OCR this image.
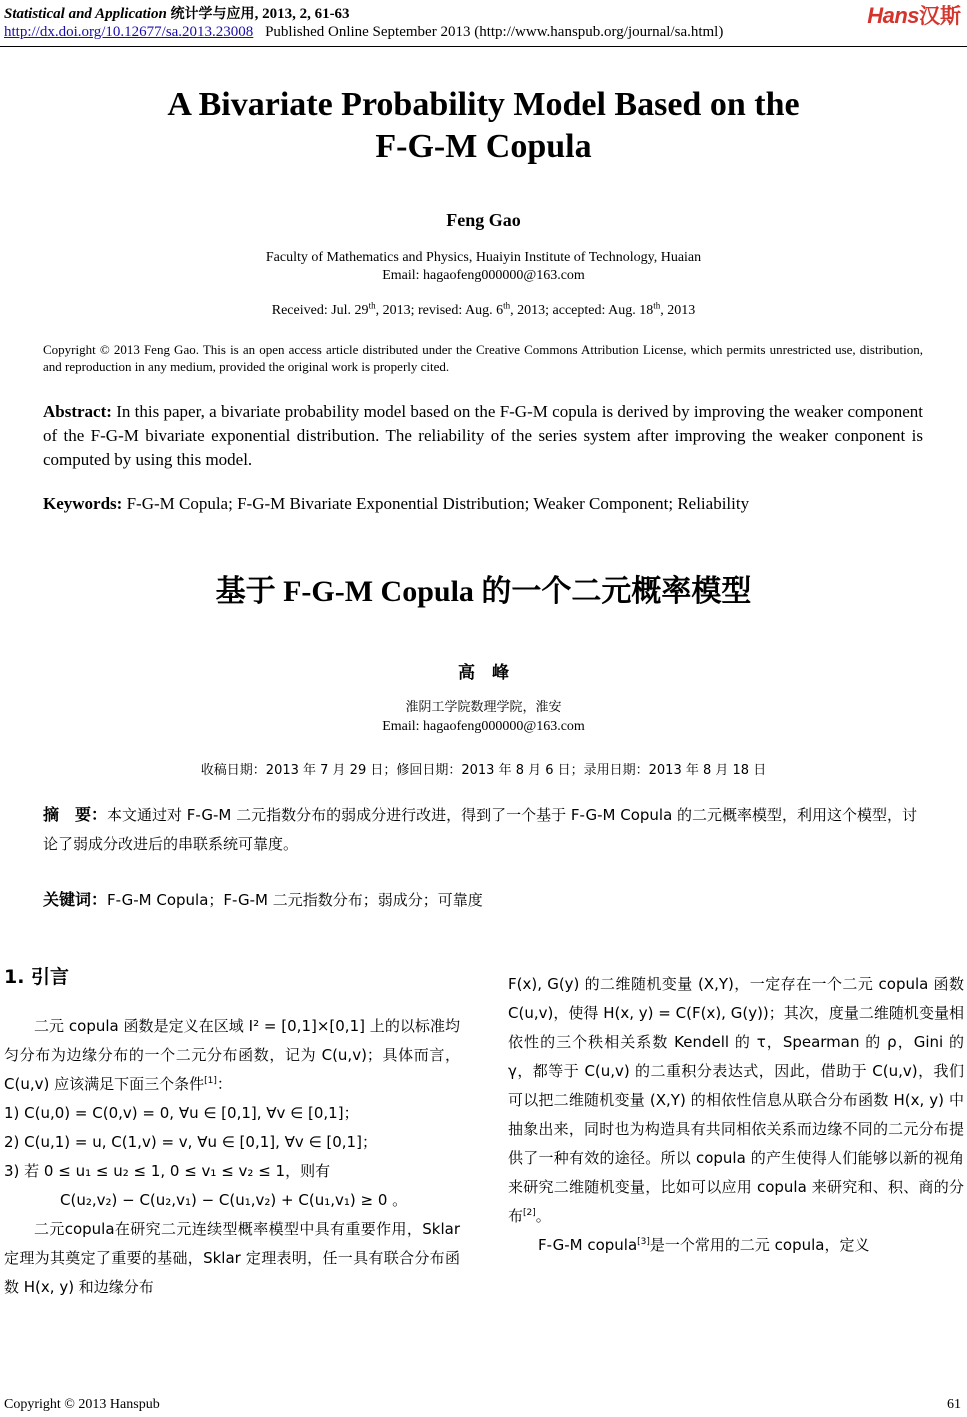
Statistical and Application 统计学与应用, 2013, 2, 61-63	Hans汉斯
http://dx.doi.org/10.12677/sa.2013.23008 Published Online September 2013 (http://www.hanspub.org/journal/sa.html)
A Bivariate Probability Model Based on the
F-G-M Copula
Feng Gao
Faculty of Mathematics and Physics, Huaiyin Institute of Technology, Huaian
Email: hagaofeng000000@163.com
Received: Jul. 29th, 2013; revised: Aug. 6th, 2013; accepted: Aug. 18th, 2013
Copyright © 2013 Feng Gao. This is an open access article distributed under the Creative Commons Attribution License, which permits unrestricted use, distribution, and reproduction in any medium, provided the original work is properly cited.
Abstract: In this paper, a bivariate probability model based on the F-G-M copula is derived by improving the weaker component of the F-G-M bivariate exponential distribution. The reliability of the series system after improving the weaker conponent is computed by using this model.
Keywords: F-G-M Copula; F-G-M Bivariate Exponential Distribution; Weaker Component; Reliability
基于 F-G-M Copula 的一个二元概率模型
高　峰
淮阴工学院数理学院，淮安
Email: hagaofeng000000@163.com
收稿日期：2013 年 7 月 29 日；修回日期：2013 年 8 月 6 日；录用日期：2013 年 8 月 18 日
摘　要：本文通过对 F-G-M 二元指数分布的弱成分进行改进，得到了一个基于 F-G-M Copula 的二元概率模型，利用这个模型，讨论了弱成分改进后的串联系统可靠度。
关键词：F-G-M Copula；F-G-M 二元指数分布；弱成分；可靠度
1. 引言

二元 copula 函数是定义在区域 I² = [0,1]×[0,1] 上的以标准均匀分布为边缘分布的一个二元分布函数，记为 C(u,v)；具体而言，C(u,v) 应该满足下面三个条件[1]：

1) C(u,0) = C(0,v) = 0, ∀u ∈ [0,1], ∀v ∈ [0,1]；

2) C(u,1) = u, C(1,v) = v, ∀u ∈ [0,1], ∀v ∈ [0,1]；

3) 若 0 ≤ u₁ ≤ u₂ ≤ 1, 0 ≤ v₁ ≤ v₂ ≤ 1，则有

C(u₂,v₂) − C(u₂,v₁) − C(u₁,v₂) + C(u₁,v₁) ≥ 0 。

二元copula在研究二元连续型概率模型中具有重要作用，Sklar 定理为其奠定了重要的基础，Sklar 定理表明，任一具有联合分布函数 H(x, y) 和边缘分布

F(x), G(y) 的二维随机变量 (X,Y)，一定存在一个二元 copula 函数 C(u,v)，使得 H(x, y) = C(F(x), G(y))；其次，度量二维随机变量相依性的三个秩相关系数 Kendell 的 τ，Spearman 的 ρ，Gini 的 γ，都等于 C(u,v) 的二重积分表达式，因此，借助于 C(u,v)，我们可以把二维随机变量 (X,Y) 的相依性信息从联合分布函数 H(x, y) 中抽象出来，同时也为构造具有共同相依关系而边缘不同的二元分布提供了一种有效的途径。所以 copula 的产生使得人们能够以新的视角来研究二维随机变量，比如可以应用 copula 来研究和、积、商的分布[2]。

F-G-M copula[3]是一个常用的二元 copula，定义

Copyright © 2013 Hanspub	61
